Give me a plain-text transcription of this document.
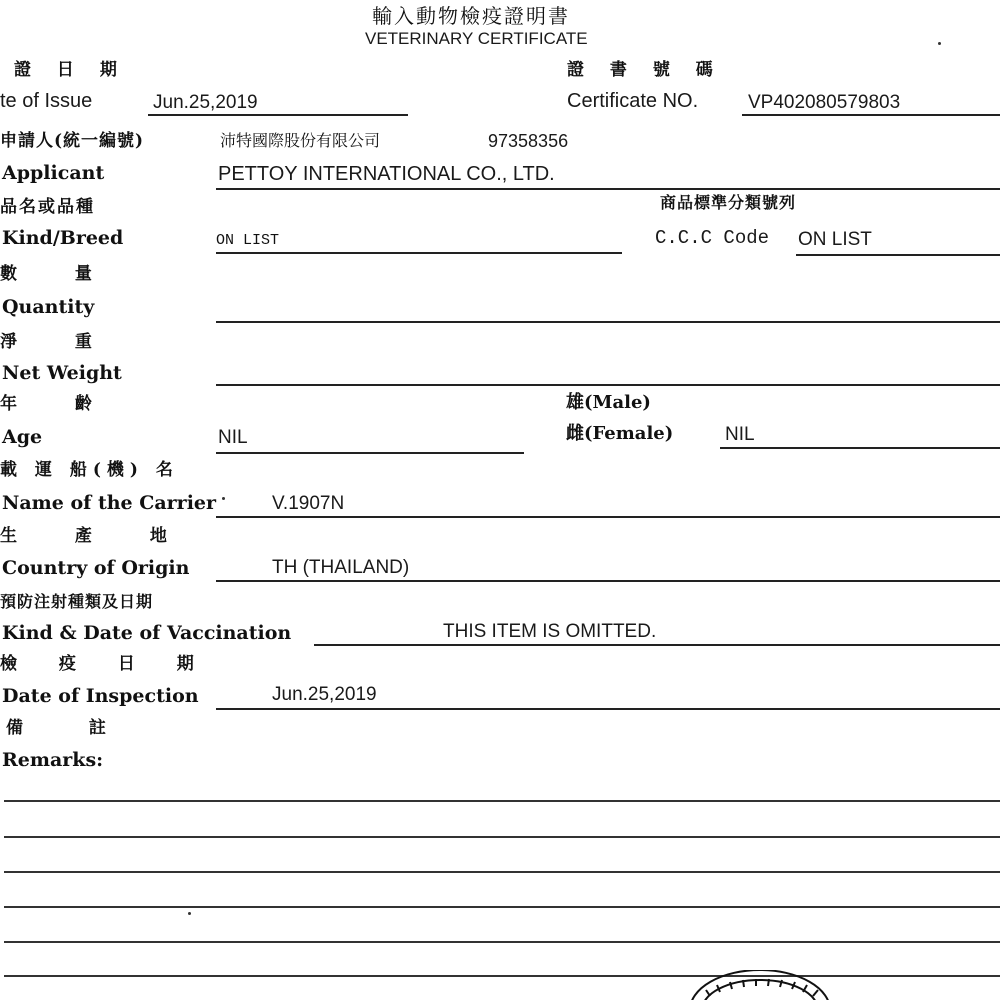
輸入動物檢疫證明書
VETERINARY CERTIFICATE
證 日 期
te of Issue	Jun.25,2019
證 書 號 碼
Certificate NO.	VP402080579803
申請人(統一編號)	沛特國際股份有限公司	97358356
Applicant	PETTOY INTERNATIONAL CO., LTD.
品名或品種
Kind/Breed	ON LIST
商品標準分類號列
C.C.C Code ON LIST
數 量
Quantity
淨 重
Net Weight
年 齡
Age	NIL
雄(Male)
雌(Female)	NIL
載 運 船(機) 名
Name of the Carrier	V.1907N
生 產 地
Country of Origin	TH (THAILAND)
預防注射種類及日期
Kind & Date of Vaccination	THIS ITEM IS OMITTED.
檢 疫 日 期
Date of Inspection	Jun.25,2019
備 註
Remarks:
